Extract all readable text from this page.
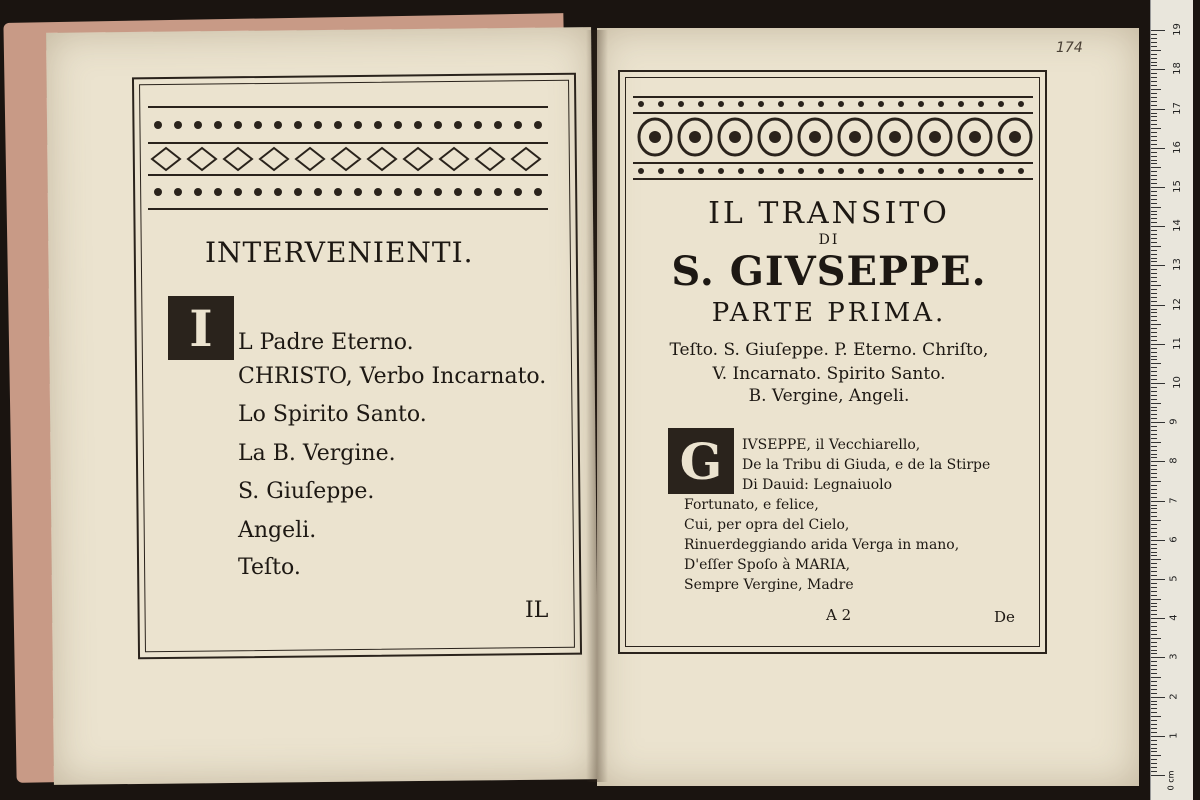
INTERVENIENTI.
I	L Padre Eterno.
CHRISTO, Verbo Incarnato.
Lo Spirito Santo.
La B. Vergine.
S. Giuſeppe.
Angeli.
Teſto.
IL
174
IL TRANSITO
DI
S. GIVSEPPE.
PARTE PRIMA.
Teſto. S. Giuſeppe. P. Eterno. Chriſto,
V. Incarnato. Spirito Santo.
B. Vergine, Angeli.
G	IVSEPPE, il Vecchiarello,
De la Tribu di Giuda, e de la Stirpe
Di Dauid: Legnaiuolo
Fortunato, e felice,
Cui, per opra del Cielo,
Rinuerdeggiando arida Verga in mano,
D'eſſer Spoſo à MARIA,
Sempre Vergine, Madre
A 2	De
1
2
3
4
5
6
7
8
9
10
11
12
13
14
15
16
17
18
19
0 cm
